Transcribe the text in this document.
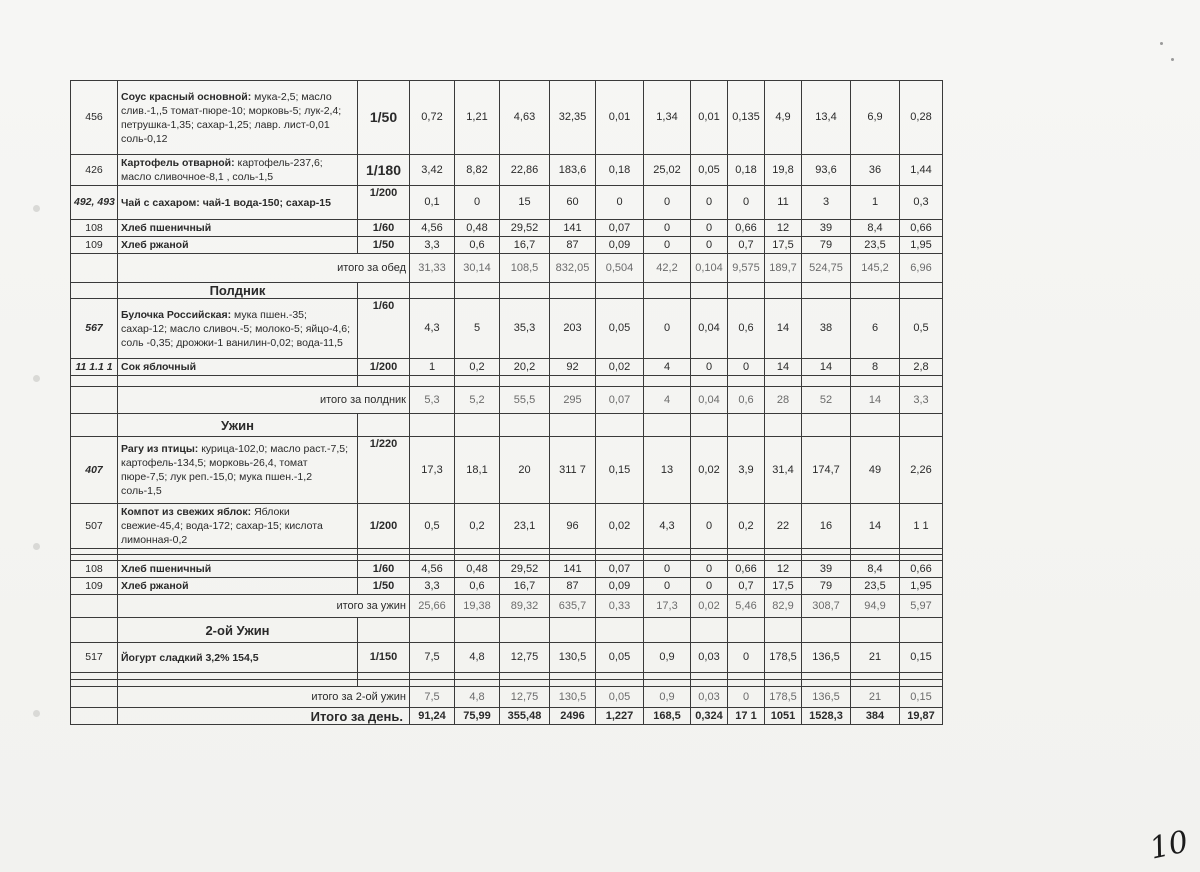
456	Соус красный основной: мука-2,5; масло слив.-1,,5 томат-пюре-10; морковь-5; лук-2,4; петрушка-1,35; сахар-1,25; лавр. лист-0,01 соль-0,12	1/50	0,72	1,21	4,63	32,35	0,01	1,34	0,01	0,135	4,9	13,4	6,9	0,28
426	Картофель отварной: картофель-237,6; масло сливочное-8,1 , соль-1,5	1/180	3,42	8,82	22,86	183,6	0,18	25,02	0,05	0,18	19,8	93,6	36	1,44
492, 493	Чай с сахаром: чай-1 вода-150; сахар-15	1/200	0,1	0	15	60	0	0	0	0	11	3	1	0,3
108	Хлеб пшеничный	1/60	4,56	0,48	29,52	141	0,07	0	0	0,66	12	39	8,4	0,66
109	Хлеб ржаной	1/50	3,3	0,6	16,7	87	0,09	0	0	0,7	17,5	79	23,5	1,95
	итого за обед		31,33	30,14	108,5	832,05	0,504	42,2	0,104	9,575	189,7	524,75	145,2	6,96
	Полдник													
567	Булочка Российская: мука пшен.-35; сахар-12; масло сливоч.-5; молоко-5; яйцо-4,6; соль -0,35; дрожжи-1 ванилин-0,02; вода-11,5	1/60	4,3	5	35,3	203	0,05	0	0,04	0,6	14	38	6	0,5
11 1.1 1	Сок яблочный	1/200	1	0,2	20,2	92	0,02	4	0	0	14	14	8	2,8

	итого за полдник		5,3	5,2	55,5	295	0,07	4	0,04	0,6	28	52	14	3,3
	Ужин													
407	Рагу из птицы: курица-102,0; масло раст.-7,5; картофель-134,5; морковь-26,4, томат пюре-7,5; лук реп.-15,0; мука пшен.-1,2 соль-1,5	1/220	17,3	18,1	20	311 7	0,15	13	0,02	3,9	31,4	174,7	49	2,26
507	Компот из свежих яблок: Яблоки свежие-45,4; вода-172; сахар-15; кислота лимонная-0,2	1/200	0,5	0,2	23,1	96	0,02	4,3	0	0,2	22	16	14	1 1

108	Хлеб пшеничный	1/60	4,56	0,48	29,52	141	0,07	0	0	0,66	12	39	8,4	0,66
109	Хлеб ржаной	1/50	3,3	0,6	16,7	87	0,09	0	0	0,7	17,5	79	23,5	1,95
	итого за ужин		25,66	19,38	89,32	635,7	0,33	17,3	0,02	5,46	82,9	308,7	94,9	5,97
	2-ой Ужин													
517	Йогурт сладкий 3,2% 154,5	1/150	7,5	4,8	12,75	130,5	0,05	0,9	0,03	0	178,5	136,5	21	0,15

	итого за 2-ой ужин		7,5	4,8	12,75	130,5	0,05	0,9	0,03	0	178,5	136,5	21	0,15
	Итого за день.		91,24	75,99	355,48	2496	1,227	168,5	0,324	17 1	1051	1528,3	384	19,87
10
